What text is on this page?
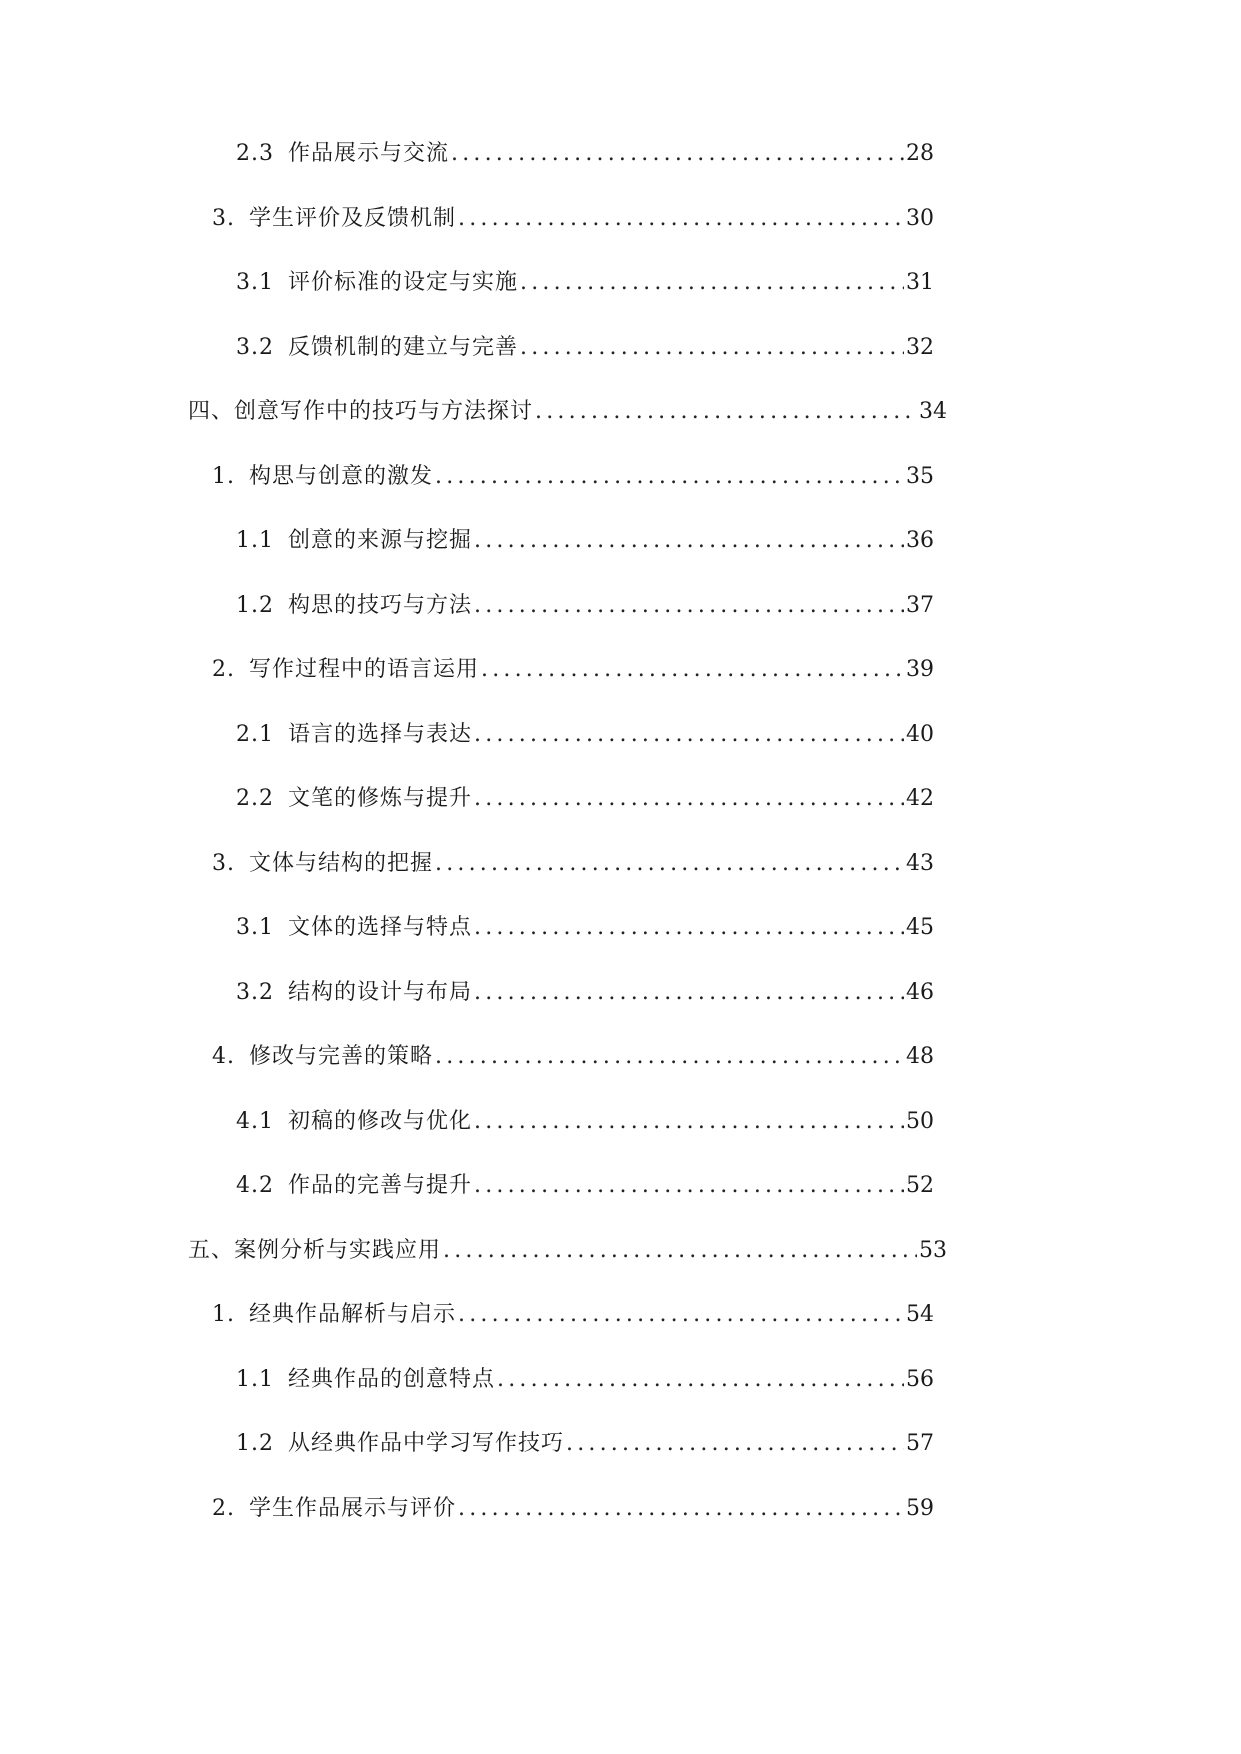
2.3 作品展示与交流 .....	28
3. 学生评价及反馈机制 .....	30
3.1 评价标准的设定与实施 .....	31
3.2 反馈机制的建立与完善 .....	32
四、创意写作中的技巧与方法探讨 .....	34
1. 构思与创意的激发 .....	35
1.1 创意的来源与挖掘 .....	36
1.2 构思的技巧与方法 .....	37
2. 写作过程中的语言运用 .....	39
2.1 语言的选择与表达 .....	40
2.2 文笔的修炼与提升 .....	42
3. 文体与结构的把握 .....	43
3.1 文体的选择与特点 .....	45
3.2 结构的设计与布局 .....	46
4. 修改与完善的策略 .....	48
4.1 初稿的修改与优化 .....	50
4.2 作品的完善与提升 .....	52
五、案例分析与实践应用 .....	53
1. 经典作品解析与启示 .....	54
1.1 经典作品的创意特点 .....	56
1.2 从经典作品中学习写作技巧 .....	57
2. 学生作品展示与评价 .....	59
